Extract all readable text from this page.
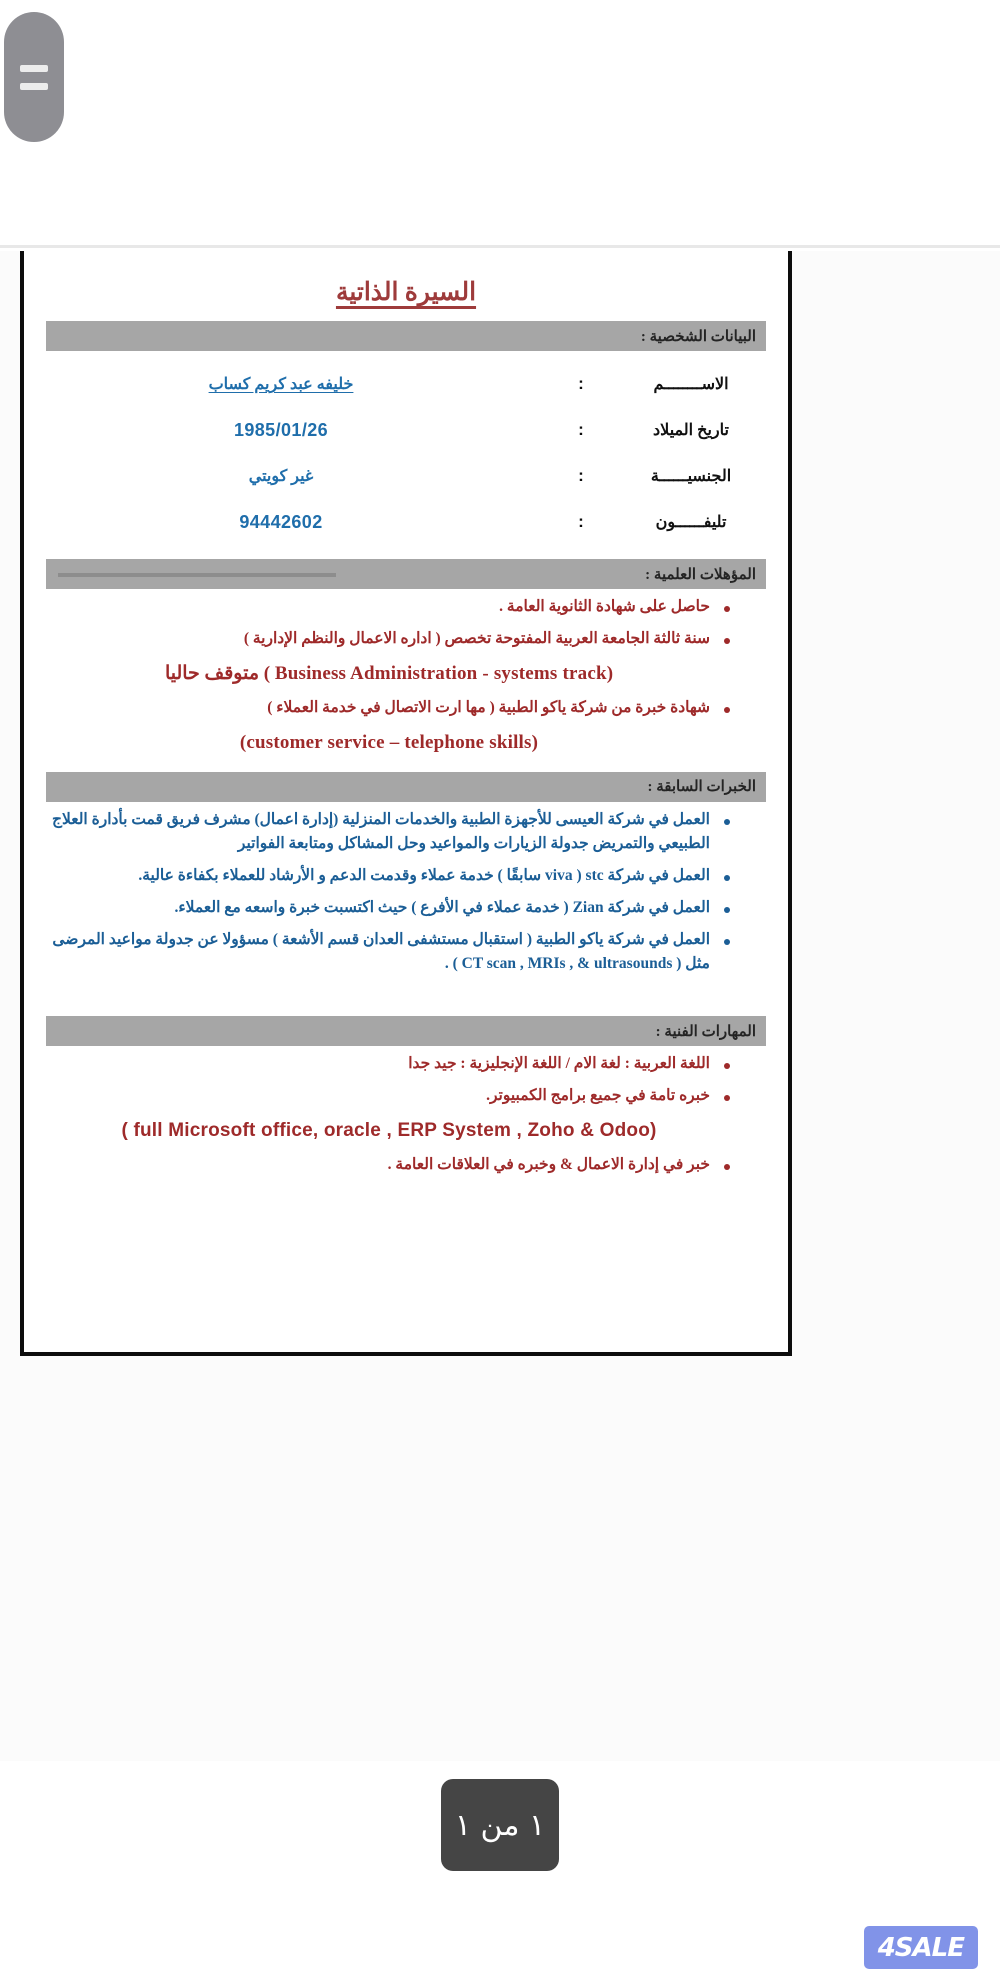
السيرة الذاتية
البيانات الشخصية :
الاســــــــم
:
خليفه عبد كريم كساب
تاريخ الميلاد
:
1985/01/26
الجنسيــــــة
:
غير كويتي
تليفــــــون
:
94442602
المؤهلات العلمية :
حاصل على شهادة الثانوية العامة .
سنة ثالثة الجامعة العربية المفتوحة تخصص ( اداره الاعمال والنظم الإدارية )
متوقف حاليا ( Business Administration - systems track)
شهادة خبرة من شركة ياكو الطبية ( مها ارت الاتصال في خدمة العملاء )
(customer service – telephone skills)
الخبرات السابقة :
العمل في شركة العيسى للأجهزة الطبية والخدمات المنزلية (إدارة اعمال) مشرف فريق قمت بأدارة العلاج الطبيعي والتمريض جدولة الزيارات والمواعيد وحل المشاكل ومتابعة الفواتير
العمل في شركة stc ( viva سابقًا ) خدمة عملاء وقدمت الدعم و الأرشاد للعملاء بكفاءة عالية.
العمل في شركة Zian ( خدمة عملاء في الأفرع ) حيث اكتسبت خبرة واسعه مع العملاء.
العمل في شركة ياكو الطبية ( استقبال مستشفى العدان قسم الأشعة ) مسؤولا عن جدولة مواعيد المرضى مثل ( CT scan , MRIs , & ultrasounds ) .
المهارات الفنية :
اللغة العربية : لغة الام / اللغة الإنجليزية : جيد جدا
خبره تامة في جميع برامج الكمبيوتر.
( full Microsoft office, oracle , ERP System , Zoho & Odoo)
خبر في إدارة الاعمال & وخبره في العلاقات العامة .
١ من ١
4SALE
